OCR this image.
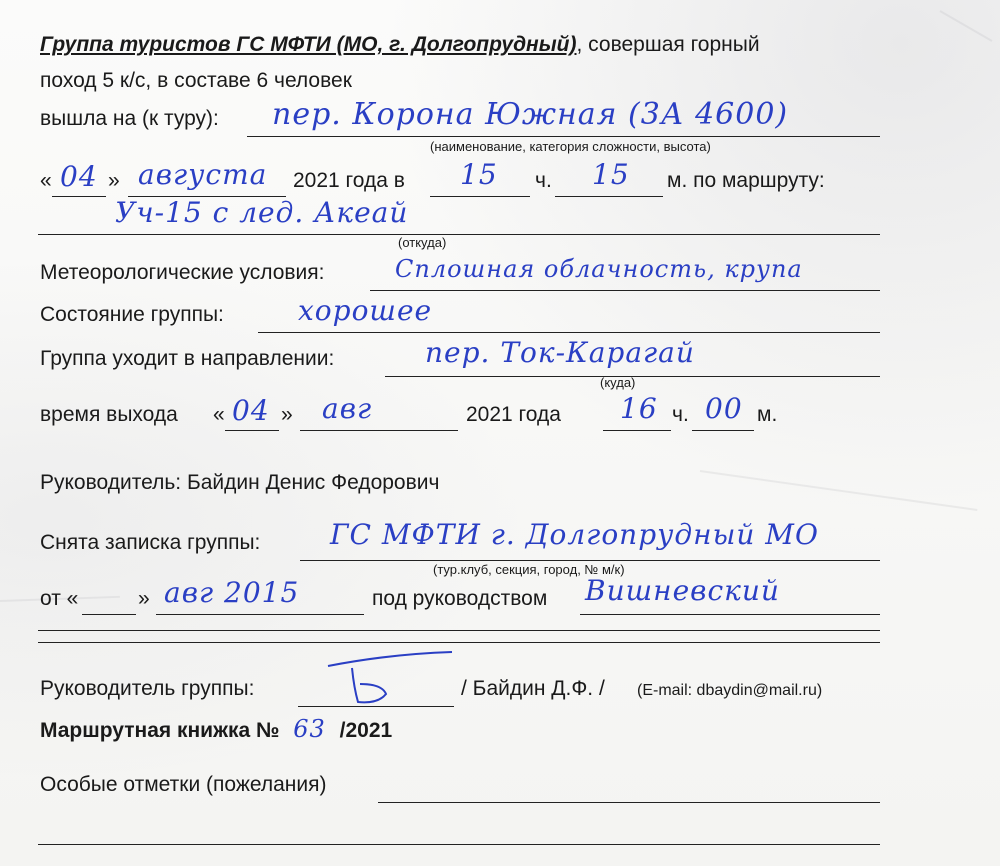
Группа туристов ГС МФТИ (МО, г. Долгопрудный), совершая горный
поход 5 к/с, в составе 6 человек
вышла на (к туру): пер. Корона Южная (3А 4600)
(наименование, категория сложности, высота)
« 04 » августа 2021 года в 15 ч. 15 м. по маршруту:
Уч-15 с лед. Акеай
(откуда)
Метеорологические условия:	Сплошная облачность, крупа
Состояние группы:	хорошее
Группа уходит в направлении:	пер. Ток-Карагай
(куда)
время выхода « 04 » авг	2021 года 16 ч. 00 м.
Руководитель: Байдин Денис Федорович
Снята записка группы: ГС МФТИ г. Долгопрудный МО
(тур.клуб, секция, город, № м/к)
от «	» авг 2015	под руководством Вишневский
Руководитель группы:	/ Байдин Д.Ф. / (E-mail: dbaydin@mail.ru)
Маршрутная книжка № 63 /2021
Особые отметки (пожелания)
